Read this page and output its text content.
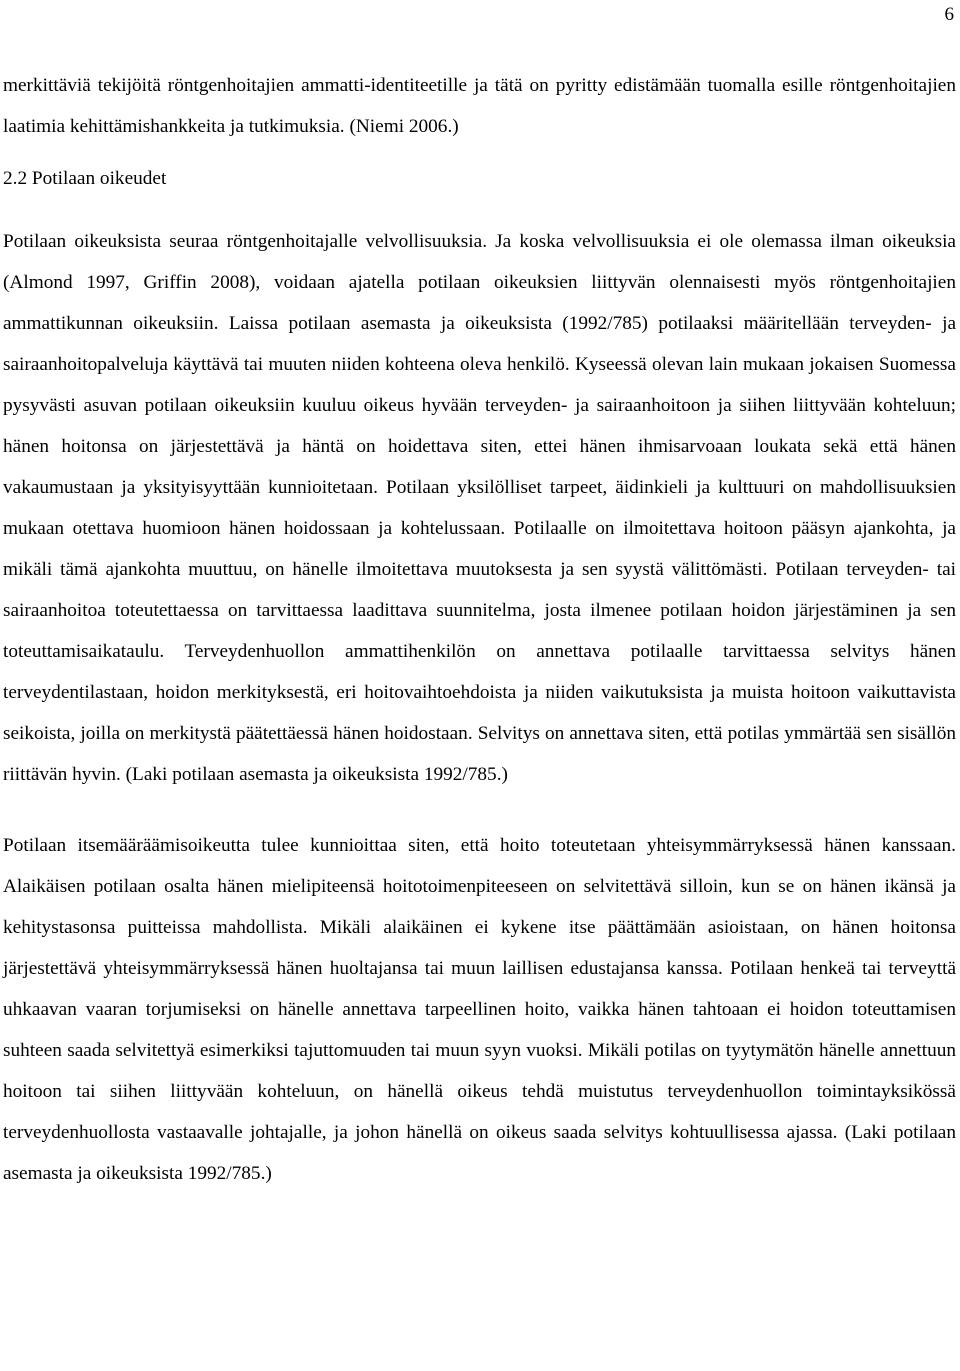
6

merkittäviä tekijöitä röntgenhoitajien ammatti-identiteetille ja tätä on pyritty edistämään tuomalla esille röntgenhoitajien laatimia kehittämishankkeita ja tutkimuksia. (Niemi 2006.)

2.2 Potilaan oikeudet

Potilaan oikeuksista seuraa röntgenhoitajalle velvollisuuksia. Ja koska velvollisuuksia ei ole olemassa ilman oikeuksia (Almond 1997, Griffin 2008), voidaan ajatella potilaan oikeuksien liittyvän olennaisesti myös röntgenhoitajien ammattikunnan oikeuksiin. Laissa potilaan asemasta ja oikeuksista (1992/785) potilaaksi määritellään terveyden- ja sairaanhoitopalveluja käyttävä tai muuten niiden kohteena oleva henkilö. Kyseessä olevan lain mukaan jokaisen Suomessa pysyvästi asuvan potilaan oikeuksiin kuuluu oikeus hyvään terveyden- ja sairaanhoitoon ja siihen liittyvään kohteluun; hänen hoitonsa on järjestettävä ja häntä on hoidettava siten, ettei hänen ihmisarvoaan loukata sekä että hänen vakaumustaan ja yksityisyyttään kunnioitetaan. Potilaan yksilölliset tarpeet, äidinkieli ja kulttuuri on mahdollisuuksien mukaan otettava huomioon hänen hoidossaan ja kohtelussaan. Potilaalle on ilmoitettava hoitoon pääsyn ajankohta, ja mikäli tämä ajankohta muuttuu, on hänelle ilmoitettava muutoksesta ja sen syystä välittömästi. Potilaan terveyden- tai sairaanhoitoa toteutettaessa on tarvittaessa laadittava suunnitelma, josta ilmenee potilaan hoidon järjestäminen ja sen toteuttamisaikataulu. Terveydenhuollon ammattihenkilön on annettava potilaalle tarvittaessa selvitys hänen terveydentilastaan, hoidon merkityksestä, eri hoitovaihtoehdoista ja niiden vaikutuksista ja muista hoitoon vaikuttavista seikoista, joilla on merkitystä päätettäessä hänen hoidostaan. Selvitys on annettava siten, että potilas ymmärtää sen sisällön riittävän hyvin. (Laki potilaan asemasta ja oikeuksista 1992/785.)

Potilaan itsemääräämisoikeutta tulee kunnioittaa siten, että hoito toteutetaan yhteisymmärryksessä hänen kanssaan. Alaikäisen potilaan osalta hänen mielipiteensä hoitotoimenpiteeseen on selvitettävä silloin, kun se on hänen ikänsä ja kehitystasonsa puitteissa mahdollista. Mikäli alaikäinen ei kykene itse päättämään asioistaan, on hänen hoitonsa järjestettävä yhteisymmärryksessä hänen huoltajansa tai muun laillisen edustajansa kanssa. Potilaan henkeä tai terveyttä uhkaavan vaaran torjumiseksi on hänelle annettava tarpeellinen hoito, vaikka hänen tahtoaan ei hoidon toteuttamisen suhteen saada selvitettyä esimerkiksi tajuttomuuden tai muun syyn vuoksi. Mikäli potilas on tyytymätön hänelle annettuun hoitoon tai siihen liittyvään kohteluun, on hänellä oikeus tehdä muistutus terveydenhuollon toimintayksikössä terveydenhuollosta vastaavalle johtajalle, ja johon hänellä on oikeus saada selvitys kohtuullisessa ajassa. (Laki potilaan asemasta ja oikeuksista 1992/785.)
